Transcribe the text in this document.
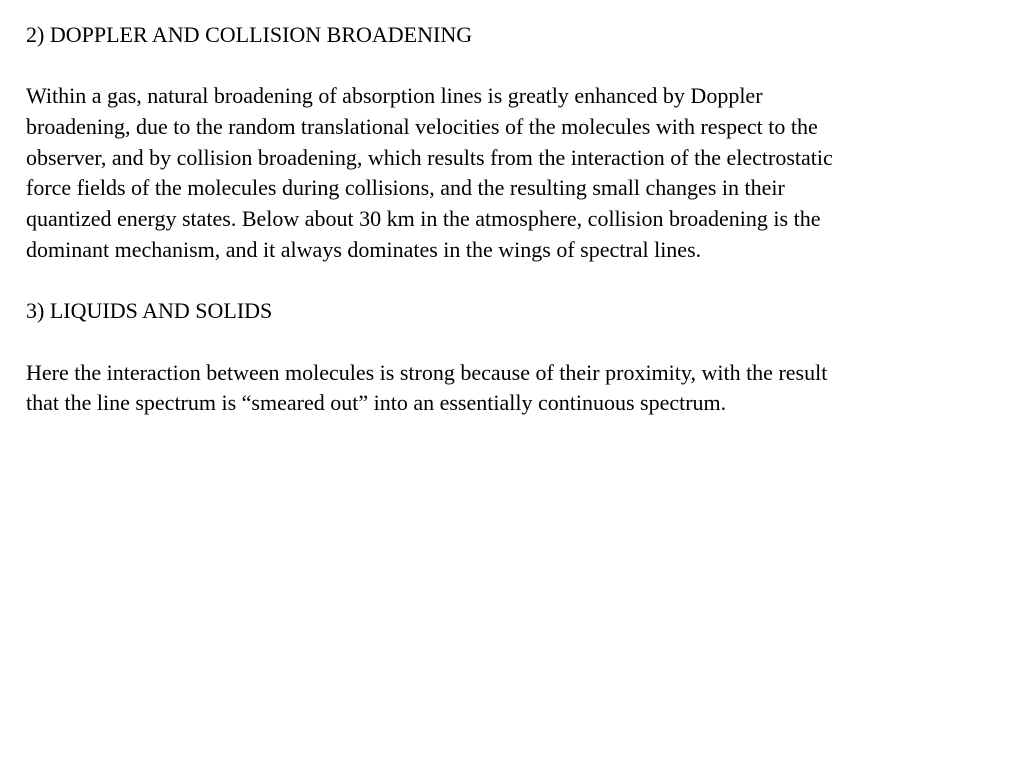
2) DOPPLER AND COLLISION BROADENING
Within a gas, natural broadening of absorption lines is greatly enhanced by Doppler
broadening, due to the random translational velocities of the molecules with respect to the
observer, and by collision broadening, which results from the interaction of the electrostatic
force fields of the molecules during collisions, and the resulting small changes in their
quantized energy states. Below about 30 km in the atmosphere, collision broadening is the
dominant mechanism, and it always dominates in the wings of spectral lines.
3) LIQUIDS AND SOLIDS
Here the interaction between molecules is strong because of their proximity, with the result
that the line spectrum is “smeared out” into an essentially continuous spectrum.
